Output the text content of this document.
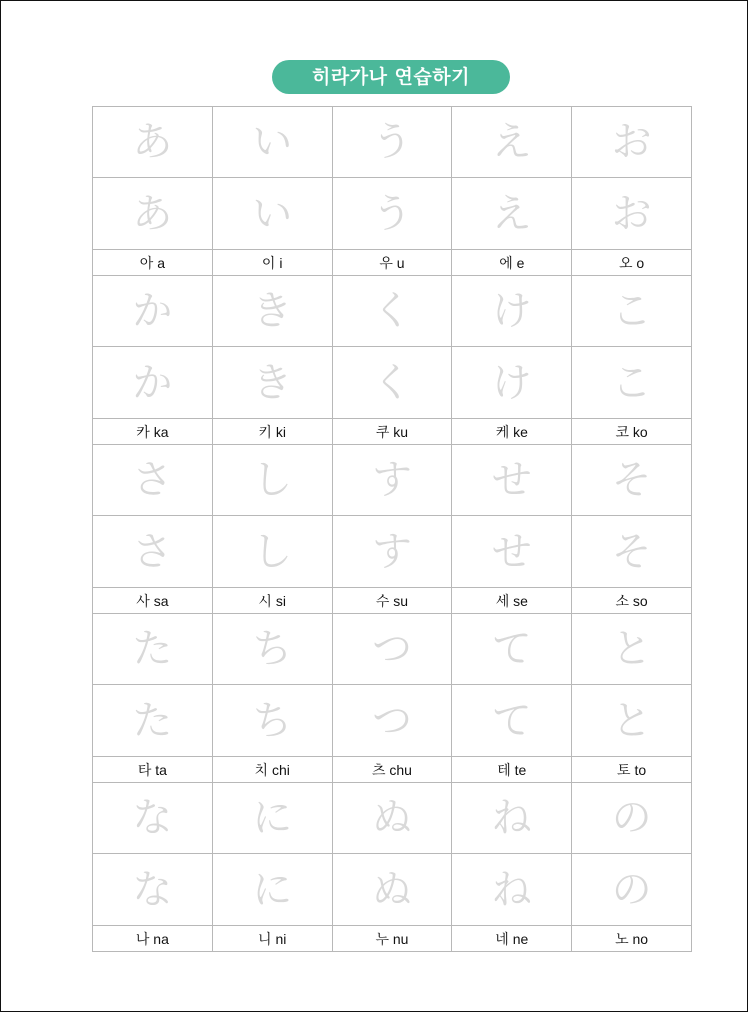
히라가나 연습하기
あ い う え お
あ い う え お
아 a	이 i	우 u	에 e	오 o
か き く け こ
か き く け こ
카 ka	키 ki	쿠 ku	케 ke	코 ko
さ し す せ そ
さ し す せ そ
사 sa	시 si	수 su	세 se	소 so
た ち つ て と
た ち つ て と
타 ta	치 chi	츠 chu	테 te	토 to
な に ぬ ね の
な に ぬ ね の
나 na	니 ni	누 nu	네 ne	노 no
